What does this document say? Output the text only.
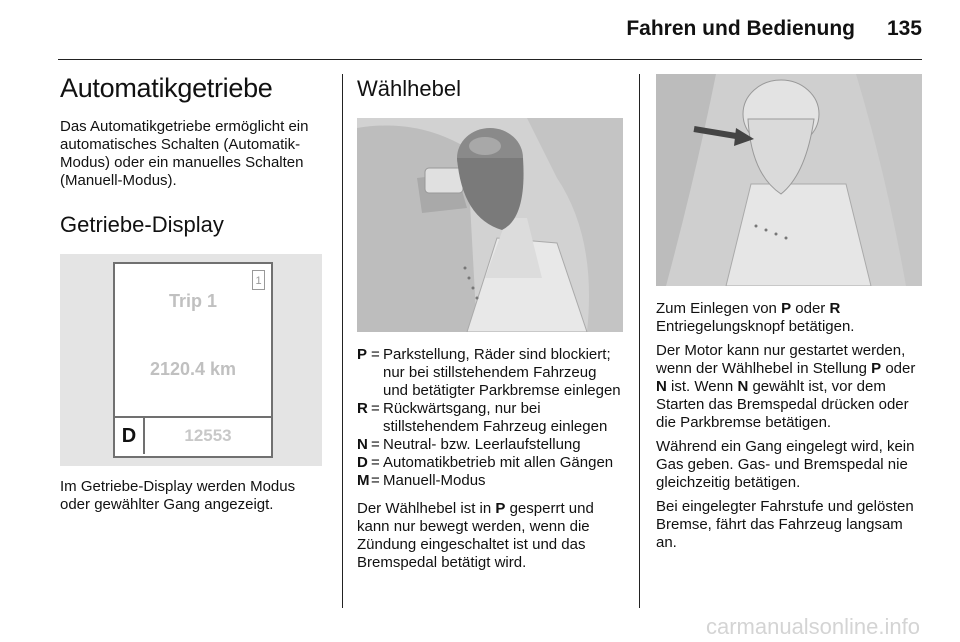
Fahren und Bedienung 135
Automatikgetriebe

Das Automatikgetriebe ermöglicht ein automatisches Schalten (Automatik-Modus) oder ein manuelles Schalten (Manuell-Modus).

Getriebe-Display
1
Trip 1
2120.4 km
D	12553

Im Getriebe-Display werden Modus oder gewählter Gang angezeigt.

Wählhebel
P = Parkstellung, Räder sind blockiert; nur bei stillstehendem Fahrzeug und betätigter Parkbremse einlegen
R = Rückwärtsgang, nur bei stillstehendem Fahrzeug einlegen
N = Neutral- bzw. Leerlaufstellung
D = Automatikbetrieb mit allen Gängen
M = Manuell-Modus

Der Wählhebel ist in P gesperrt und kann nur bewegt werden, wenn die Zündung eingeschaltet ist und das Bremspedal betätigt wird.

Zum Einlegen von P oder R Entriegelungsknopf betätigen.

Der Motor kann nur gestartet werden, wenn der Wählhebel in Stellung P oder N ist. Wenn N gewählt ist, vor dem Starten das Bremspedal drücken oder die Parkbremse betätigen.

Während ein Gang eingelegt wird, kein Gas geben. Gas- und Bremspedal nie gleichzeitig betätigen.

Bei eingelegter Fahrstufe und gelösten Bremse, fährt das Fahrzeug langsam an.

carmanualsonline.info
